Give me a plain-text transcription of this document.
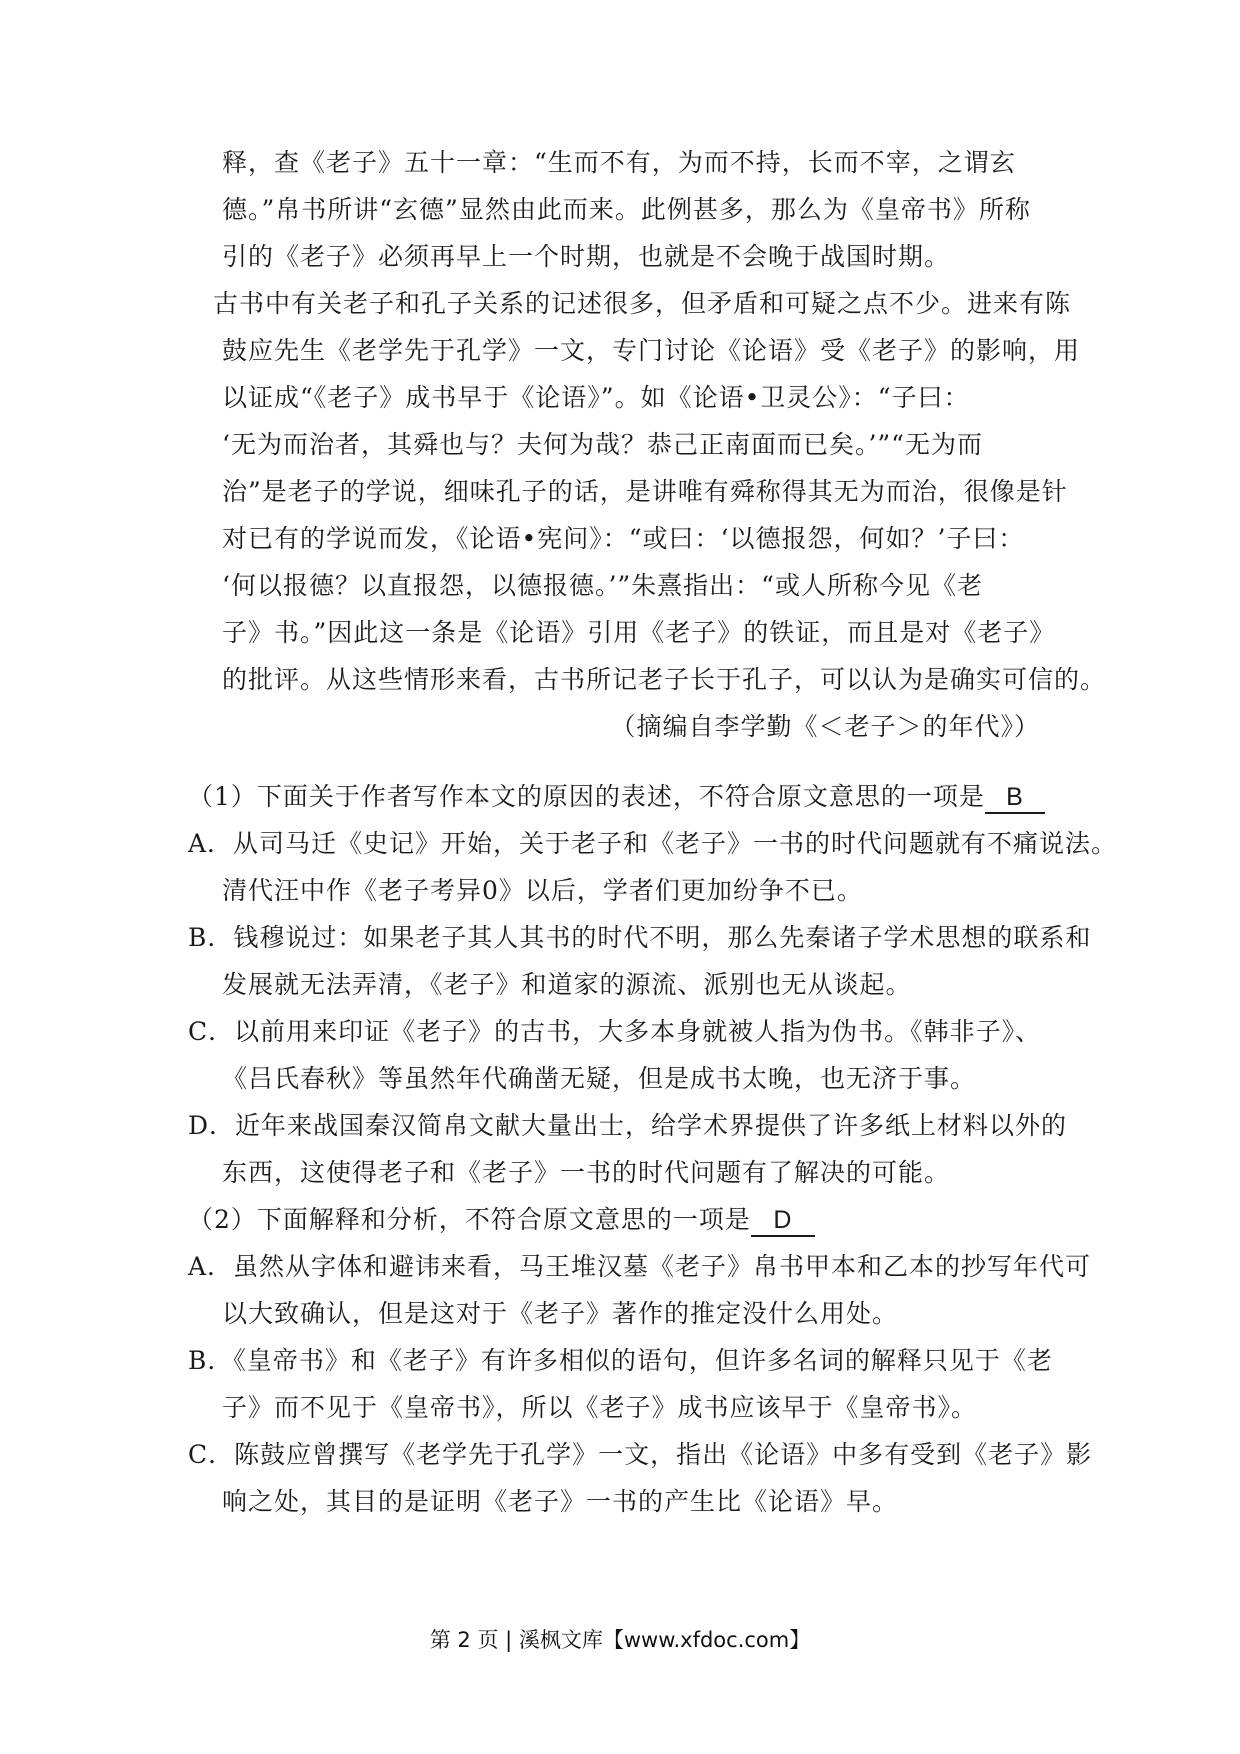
释，查《老子》五十一章：“生而不有，为而不持，长而不宰，之谓玄
德。”帛书所讲“玄德”显然由此而来。此例甚多，那么为《皇帝书》所称
引的《老子》必须再早上一个时期，也就是不会晚于战国时期。
古书中有关老子和孔子关系的记述很多，但矛盾和可疑之点不少。进来有陈
鼓应先生《老学先于孔学》一文，专门讨论《论语》受《老子》的影响，用
以证成“《老子》成书早于《论语》”。如《论语•卫灵公》：“子曰：
‘无为而治者，其舜也与？夫何为哉？恭己正南面而已矣。’”“无为而
治”是老子的学说，细味孔子的话，是讲唯有舜称得其无为而治，很像是针
对已有的学说而发，《论语•宪问》：“或曰：‘以德报怨，何如？’子曰：
‘何以报德？以直报怨，以德报德。’”朱熹指出：“或人所称今见《老
子》书。”因此这一条是《论语》引用《老子》的铁证，而且是对《老子》
的批评。从这些情形来看，古书所记老子长于孔子，可以认为是确实可信的。
（摘编自李学勤《＜老子＞的年代》）
（1）下面关于作者写作本文的原因的表述，不符合原文意思的一项是 B
A．从司马迁《史记》开始，关于老子和《老子》一书的时代问题就有不痛说法。
清代汪中作《老子考异0》以后，学者们更加纷争不已。
B．钱穆说过：如果老子其人其书的时代不明，那么先秦诸子学术思想的联系和
发展就无法弄清，《老子》和道家的源流、派别也无从谈起。
C．以前用来印证《老子》的古书，大多本身就被人指为伪书。《韩非子》、
《吕氏春秋》等虽然年代确凿无疑，但是成书太晚，也无济于事。
D．近年来战国秦汉简帛文献大量出士，给学术界提供了许多纸上材料以外的
东西，这使得老子和《老子》一书的时代问题有了解决的可能。
（2）下面解释和分析，不符合原文意思的一项是 D
A．虽然从字体和避讳来看，马王堆汉墓《老子》帛书甲本和乙本的抄写年代可
以大致确认，但是这对于《老子》著作的推定没什么用处。
B．《皇帝书》和《老子》有许多相似的语句，但许多名词的解释只见于《老
子》而不见于《皇帝书》，所以《老子》成书应该早于《皇帝书》。
C．陈鼓应曾撰写《老学先于孔学》一文，指出《论语》中多有受到《老子》影
响之处，其目的是证明《老子》一书的产生比《论语》早。
第 2 页 | 溪枫文库【www.xfdoc.com】
